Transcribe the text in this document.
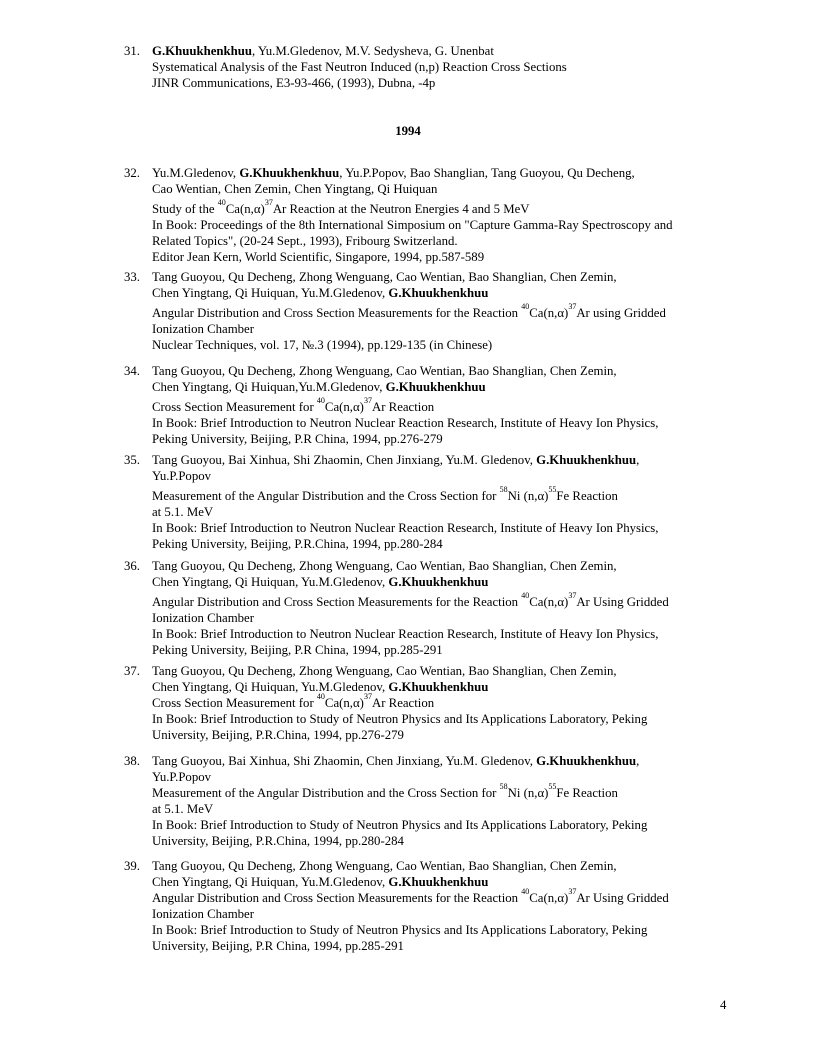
31. G.Khuukhenkhuu, Yu.M.Gledenov, M.V. Sedysheva, G. Unenbat
Systematical Analysis of the Fast Neutron Induced (n,p) Reaction Cross Sections
JINR Communications, E3-93-466, (1993), Dubna, -4p
1994
32. Yu.M.Gledenov, G.Khuukhenkhuu, Yu.P.Popov, Bao Shanglian, Tang Guoyou, Qu Decheng,
Cao Wentian, Chen Zemin, Chen Yingtang, Qi Huiquan
Study of the $^{40}Ca(n,\alpha)^{37}Ar$ Reaction at the Neutron Energies 4 and 5 MeV
In Book: Proceedings of the 8th International Simposium on "Capture Gamma-Ray Spectroscopy and
Related Topics", (20-24 Sept., 1993), Fribourg Switzerland.
Editor Jean Kern, World Scientific, Singapore, 1994, pp.587-589
33. Tang Guoyou, Qu Decheng, Zhong Wenguang, Cao Wentian, Bao Shanglian, Chen Zemin,
Chen Yingtang, Qi Huiquan, Yu.M.Gledenov, G.Khuukhenkhuu
Angular Distribution and Cross Section Measurements for the Reaction $^{40}Ca(n,\alpha)^{37}Ar$ using Gridded
Ionization Chamber
Nuclear Techniques, vol. 17, №.3 (1994), pp.129-135 (in Chinese)
34. Tang Guoyou, Qu Decheng, Zhong Wenguang, Cao Wentian, Bao Shanglian, Chen Zemin,
Chen Yingtang, Qi Huiquan,Yu.M.Gledenov, G.Khuukhenkhuu
Cross Section Measurement for $^{40}Ca(n,\alpha)^{37}Ar$ Reaction
In Book: Brief Introduction to Neutron Nuclear Reaction Research, Institute of Heavy Ion Physics,
Peking University, Beijing, P.R China, 1994, pp.276-279
35. Tang Guoyou, Bai Xinhua, Shi Zhaomin, Chen Jinxiang, Yu.M. Gledenov, G.Khuukhenkhuu,
Yu.P.Popov
Measurement of the Angular Distribution and the Cross Section for $^{58}$Ni $(n,\alpha)^{55}Fe$ Reaction
at 5.1. MeV
In Book: Brief Introduction to Neutron Nuclear Reaction Research, Institute of Heavy Ion Physics,
Peking University, Beijing, P.R.China, 1994, pp.280-284
36. Tang Guoyou, Qu Decheng, Zhong Wenguang, Cao Wentian, Bao Shanglian, Chen Zemin,
Chen Yingtang, Qi Huiquan, Yu.M.Gledenov, G.Khuukhenkhuu
Angular Distribution and Cross Section Measurements for the Reaction $^{40}Ca(n,\alpha)^{37}Ar$ Using Gridded
Ionization Chamber
In Book: Brief Introduction to Neutron Nuclear Reaction Research, Institute of Heavy Ion Physics,
Peking University, Beijing, P.R China, 1994, pp.285-291
37. Tang Guoyou, Qu Decheng, Zhong Wenguang, Cao Wentian, Bao Shanglian, Chen Zemin,
Chen Yingtang, Qi Huiquan, Yu.M.Gledenov, G.Khuukhenkhuu
Cross Section Measurement for $^{40}Ca(n,\alpha)^{37}Ar$ Reaction
In Book: Brief Introduction to Study of Neutron Physics and Its Applications Laboratory, Peking
University, Beijing, P.R.China, 1994, pp.276-279
38. Tang Guoyou, Bai Xinhua, Shi Zhaomin, Chen Jinxiang, Yu.M. Gledenov, G.Khuukhenkhuu,
Yu.P.Popov
Measurement of the Angular Distribution and the Cross Section for $^{58}$Ni $(n,\alpha)^{55}Fe$ Reaction
at 5.1. MeV
In Book: Brief Introduction to Study of Neutron Physics and Its Applications Laboratory, Peking
University, Beijing, P.R.China, 1994, pp.280-284
39. Tang Guoyou, Qu Decheng, Zhong Wenguang, Cao Wentian, Bao Shanglian, Chen Zemin,
Chen Yingtang, Qi Huiquan, Yu.M.Gledenov, G.Khuukhenkhuu
Angular Distribution and Cross Section Measurements for the Reaction $^{40}Ca(n,\alpha)^{37}Ar$ Using Gridded
Ionization Chamber
In Book: Brief Introduction to Study of Neutron Physics and Its Applications Laboratory, Peking
University, Beijing, P.R China, 1994, pp.285-291
4
